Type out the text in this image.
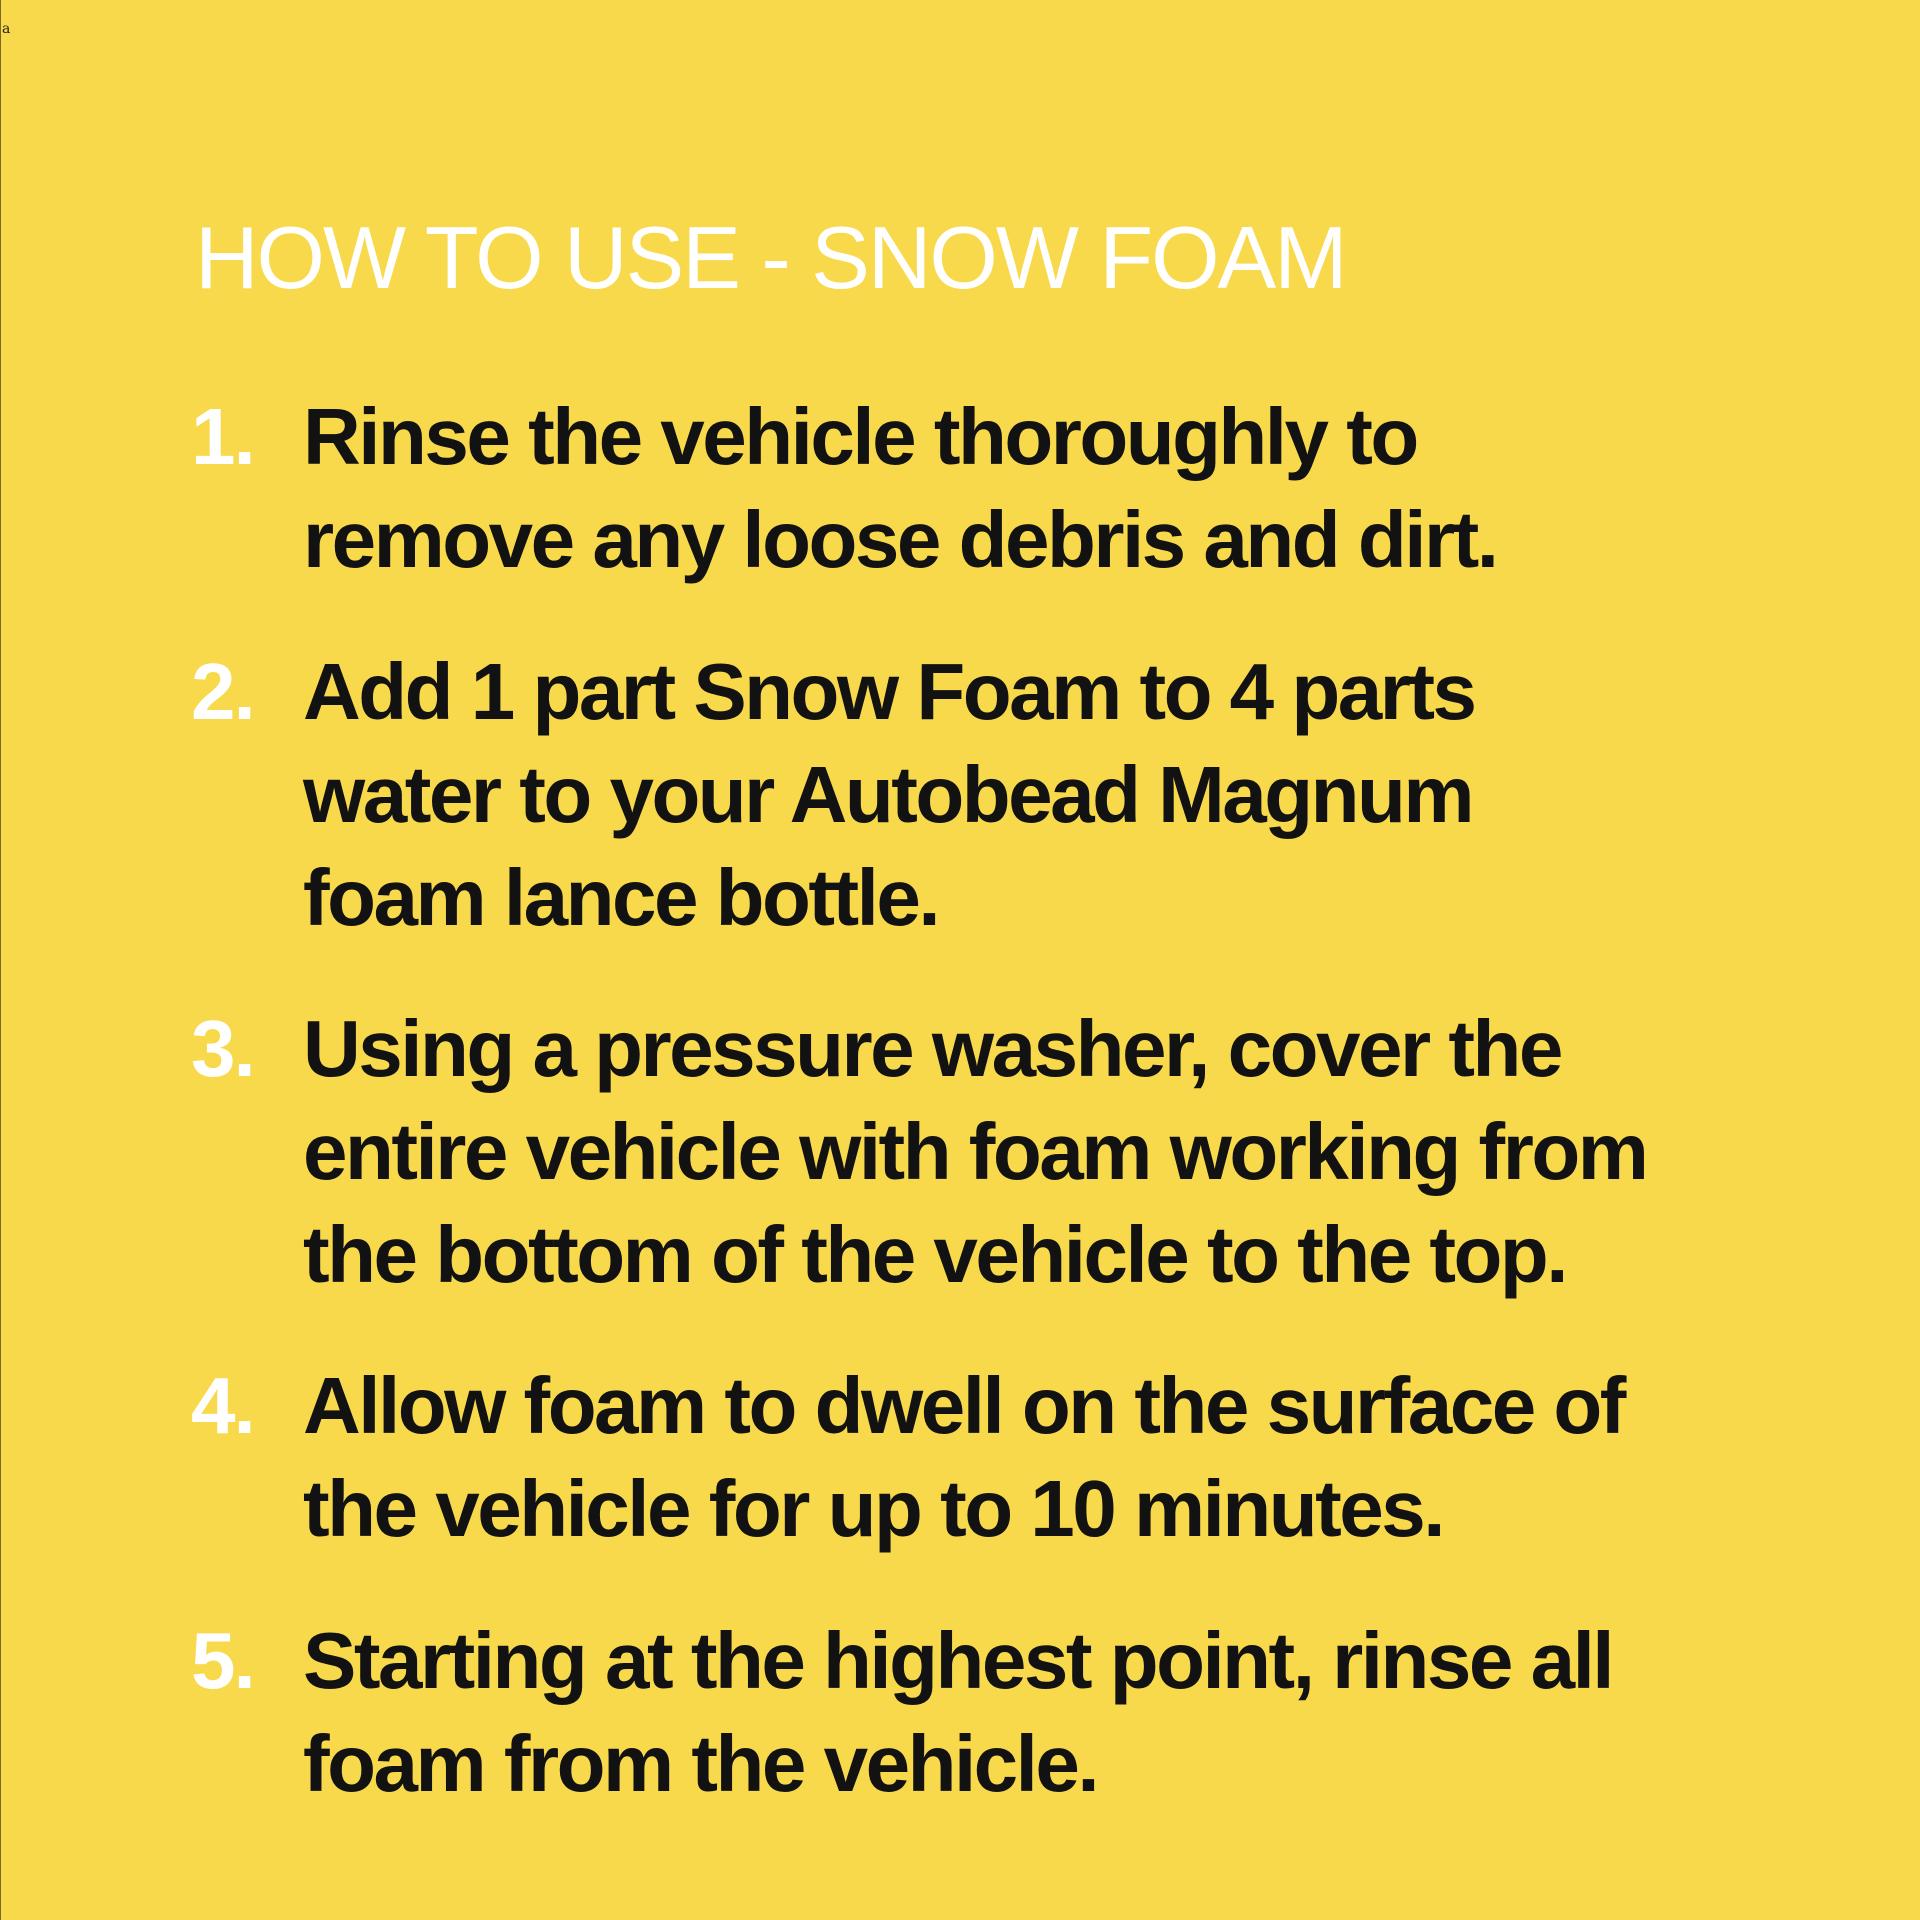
a
HOW TO USE - SNOW FOAM
1. Rinse the vehicle thoroughly to
remove any loose debris and dirt.
2. Add 1 part Snow Foam to 4 parts
water to your Autobead Magnum
foam lance bottle.
3. Using a pressure washer, cover the
entire vehicle with foam working from
the bottom of the vehicle to the top.
4. Allow foam to dwell on the surface of
the vehicle for up to 10 minutes.
5. Starting at the highest point, rinse all
foam from the vehicle.
